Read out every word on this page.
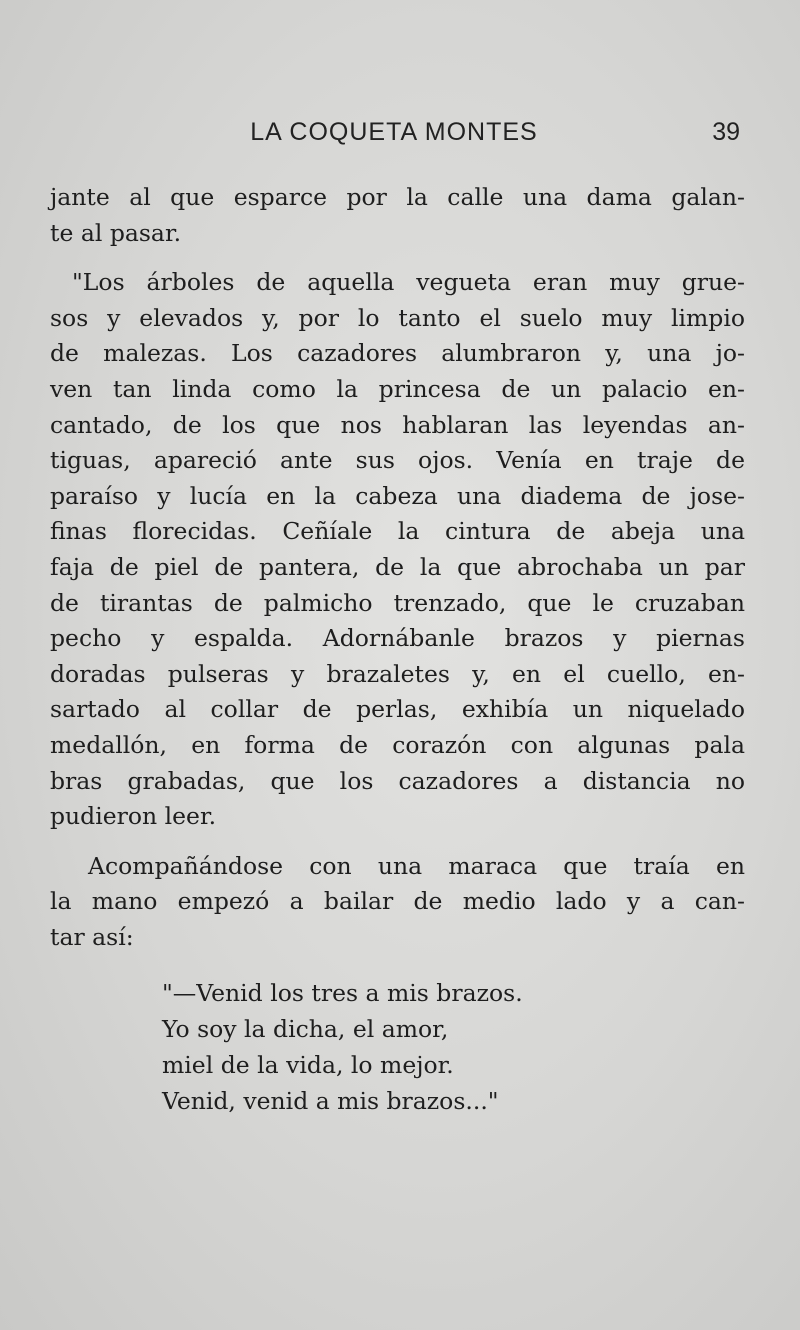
LA COQUETA MONTES	39
jante al que esparce por la calle una dama galan-
te al pasar.
"Los árboles de aquella vegueta eran muy grue-
sos y elevados y, por lo tanto el suelo muy limpio
de malezas. Los cazadores alumbraron y, una jo-
ven tan linda como la princesa de un palacio en-
cantado, de los que nos hablaran las leyendas an-
tiguas, apareció ante sus ojos. Venía en traje de
paraíso y lucía en la cabeza una diadema de jose-
finas florecidas. Ceñíale la cintura de abeja una
faja de piel de pantera, de la que abrochaba un par
de tirantas de palmicho trenzado, que le cruzaban
pecho y espalda. Adornábanle brazos y piernas
doradas pulseras y brazaletes y, en el cuello, en-
sartado al collar de perlas, exhibía un niquelado
medallón, en forma de corazón con algunas pala
bras grabadas, que los cazadores a distancia no
pudieron leer.
Acompañándose con una maraca que traía en
la mano empezó a bailar de medio lado y a can-
tar así:
"—Venid los tres a mis brazos.
Yo soy la dicha, el amor,
miel de la vida, lo mejor.
Venid, venid a mis brazos..."
